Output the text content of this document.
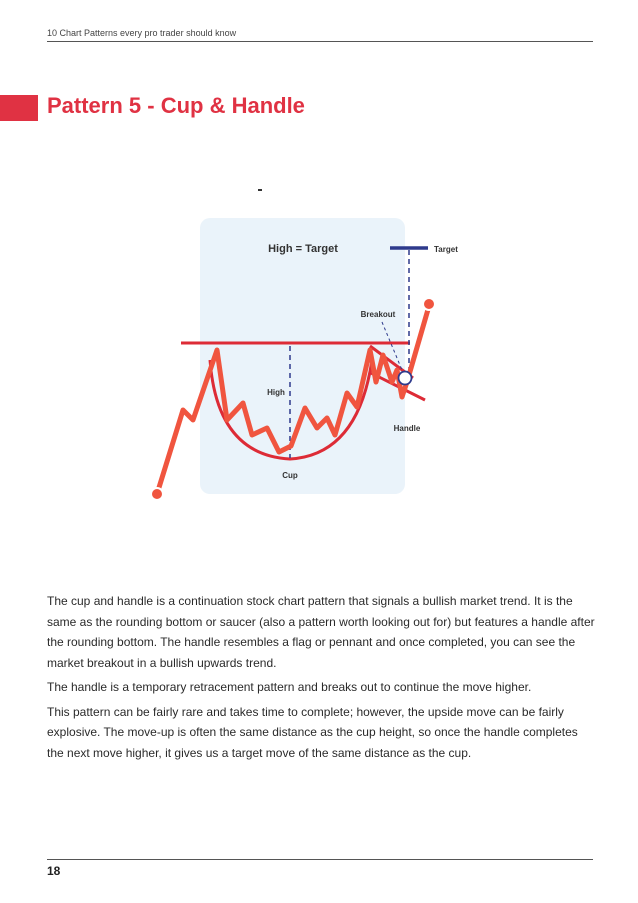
10 Chart Patterns every pro trader should know
Pattern 5 - Cup & Handle
High = Target	Target
Breakout
High
Handle
Cup

The cup and handle is a continuation stock chart pattern that signals a bullish market trend. It is the same as the rounding bottom or saucer (also a pattern worth looking out for) but features a handle after the rounding bottom. The handle resembles a flag or pennant and once completed, you can see the market breakout in a bullish upwards trend.

The handle is a temporary retracement pattern and breaks out to continue the move higher.

This pattern can be fairly rare and takes time to complete; however, the upside move can be fairly explosive. The move-up is often the same distance as the cup height, so once the handle completes the next move higher, it gives us a target move of the same distance as the cup.

18
